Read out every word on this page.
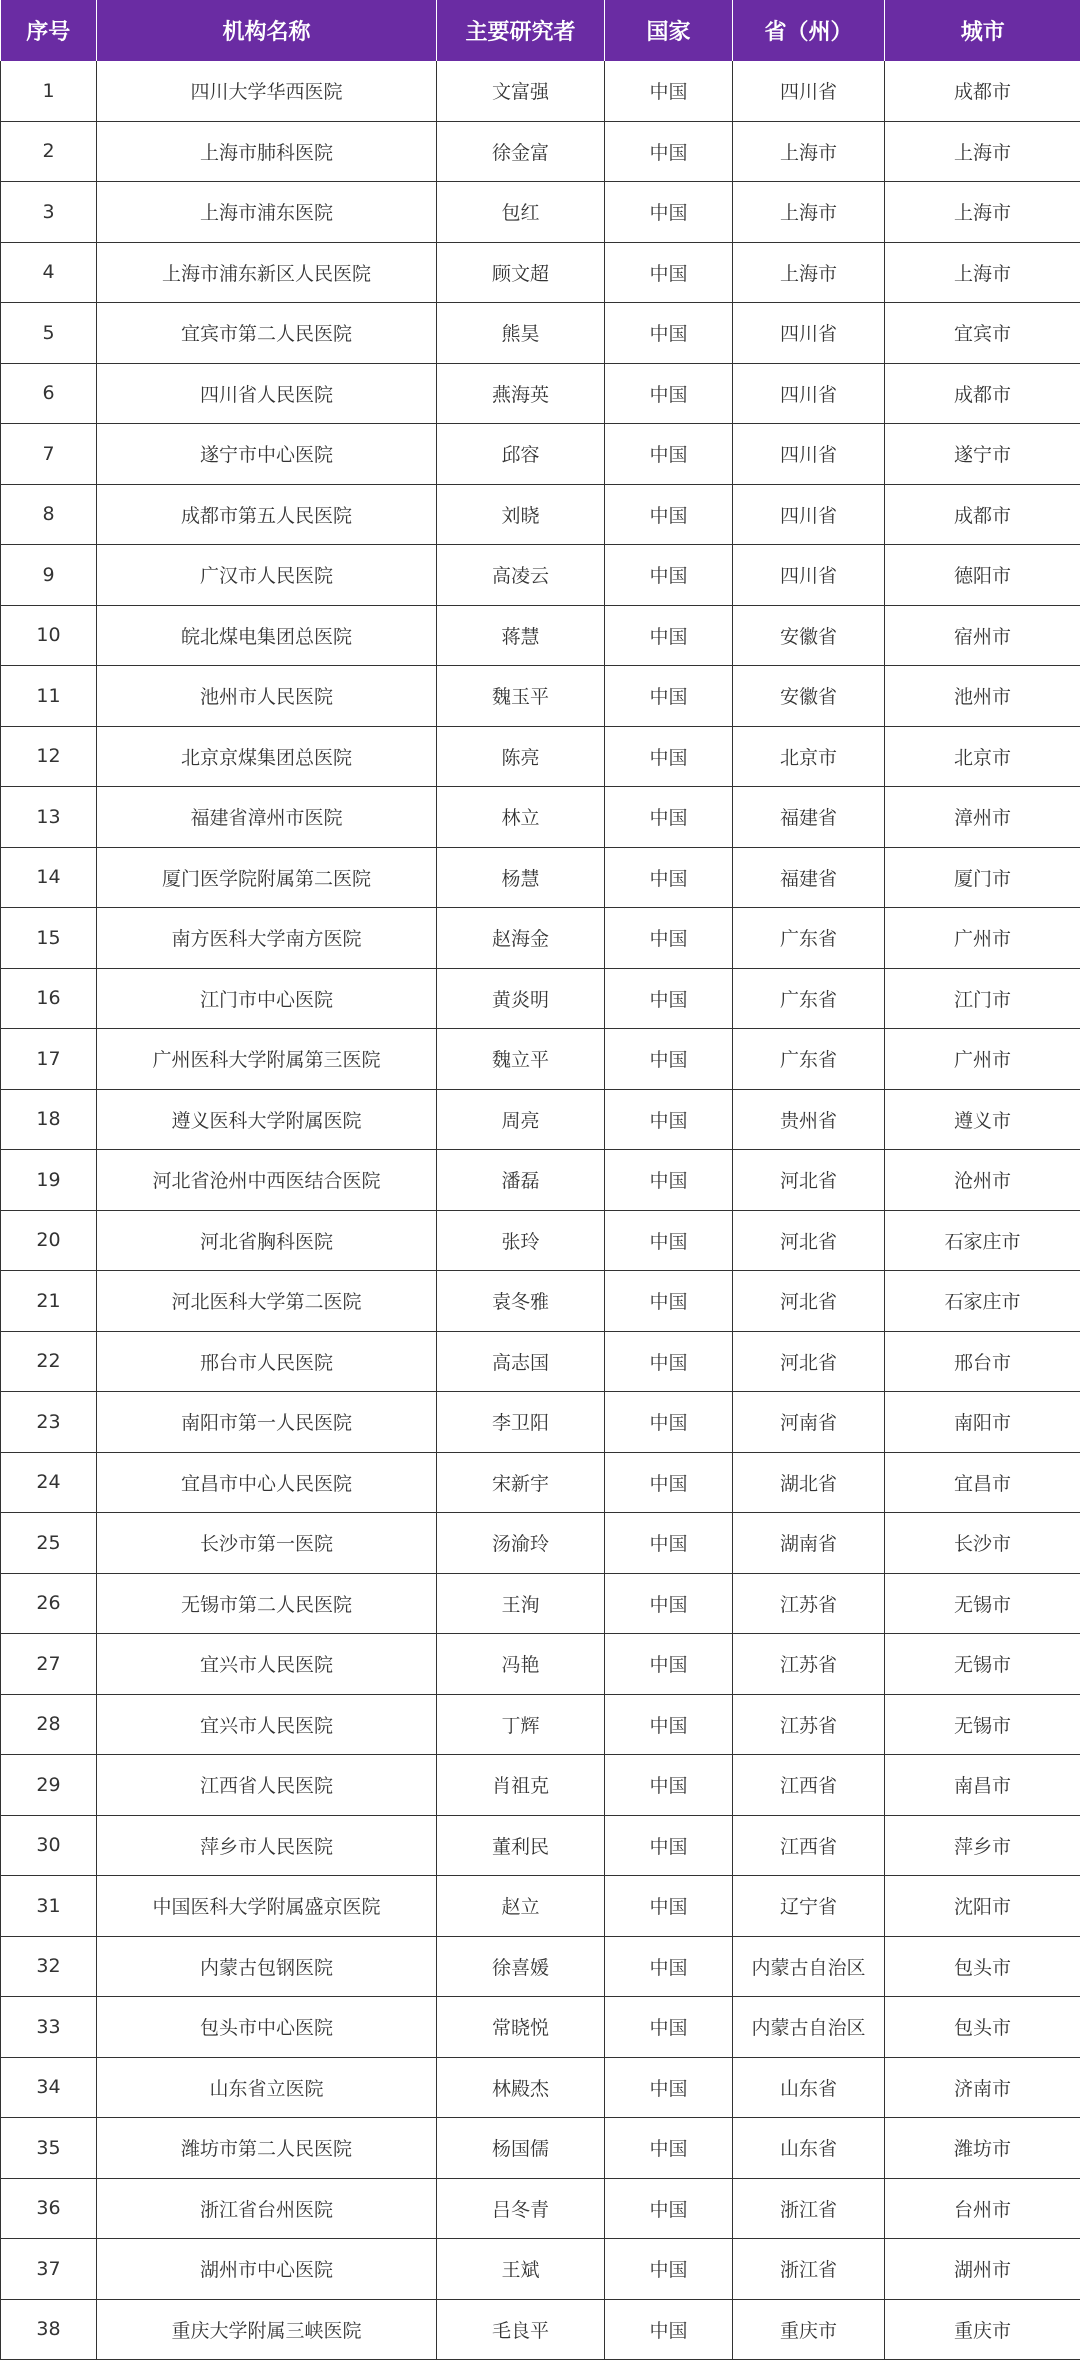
序号	机构名称	主要研究者	国家	省（州）	城市
1	四川大学华西医院	文富强	中国	四川省	成都市
2	上海市肺科医院	徐金富	中国	上海市	上海市
3	上海市浦东医院	包红	中国	上海市	上海市
4	上海市浦东新区人民医院	顾文超	中国	上海市	上海市
5	宜宾市第二人民医院	熊昊	中国	四川省	宜宾市
6	四川省人民医院	燕海英	中国	四川省	成都市
7	遂宁市中心医院	邱容	中国	四川省	遂宁市
8	成都市第五人民医院	刘晓	中国	四川省	成都市
9	广汉市人民医院	高凌云	中国	四川省	德阳市
10	皖北煤电集团总医院	蒋慧	中国	安徽省	宿州市
11	池州市人民医院	魏玉平	中国	安徽省	池州市
12	北京京煤集团总医院	陈亮	中国	北京市	北京市
13	福建省漳州市医院	林立	中国	福建省	漳州市
14	厦门医学院附属第二医院	杨慧	中国	福建省	厦门市
15	南方医科大学南方医院	赵海金	中国	广东省	广州市
16	江门市中心医院	黄炎明	中国	广东省	江门市
17	广州医科大学附属第三医院	魏立平	中国	广东省	广州市
18	遵义医科大学附属医院	周亮	中国	贵州省	遵义市
19	河北省沧州中西医结合医院	潘磊	中国	河北省	沧州市
20	河北省胸科医院	张玲	中国	河北省	石家庄市
21	河北医科大学第二医院	袁冬雅	中国	河北省	石家庄市
22	邢台市人民医院	高志国	中国	河北省	邢台市
23	南阳市第一人民医院	李卫阳	中国	河南省	南阳市
24	宜昌市中心人民医院	宋新宇	中国	湖北省	宜昌市
25	长沙市第一医院	汤渝玲	中国	湖南省	长沙市
26	无锡市第二人民医院	王洵	中国	江苏省	无锡市
27	宜兴市人民医院	冯艳	中国	江苏省	无锡市
28	宜兴市人民医院	丁辉	中国	江苏省	无锡市
29	江西省人民医院	肖祖克	中国	江西省	南昌市
30	萍乡市人民医院	董利民	中国	江西省	萍乡市
31	中国医科大学附属盛京医院	赵立	中国	辽宁省	沈阳市
32	内蒙古包钢医院	徐喜媛	中国	内蒙古自治区	包头市
33	包头市中心医院	常晓悦	中国	内蒙古自治区	包头市
34	山东省立医院	林殿杰	中国	山东省	济南市
35	潍坊市第二人民医院	杨国儒	中国	山东省	潍坊市
36	浙江省台州医院	吕冬青	中国	浙江省	台州市
37	湖州市中心医院	王斌	中国	浙江省	湖州市
38	重庆大学附属三峡医院	毛良平	中国	重庆市	重庆市
